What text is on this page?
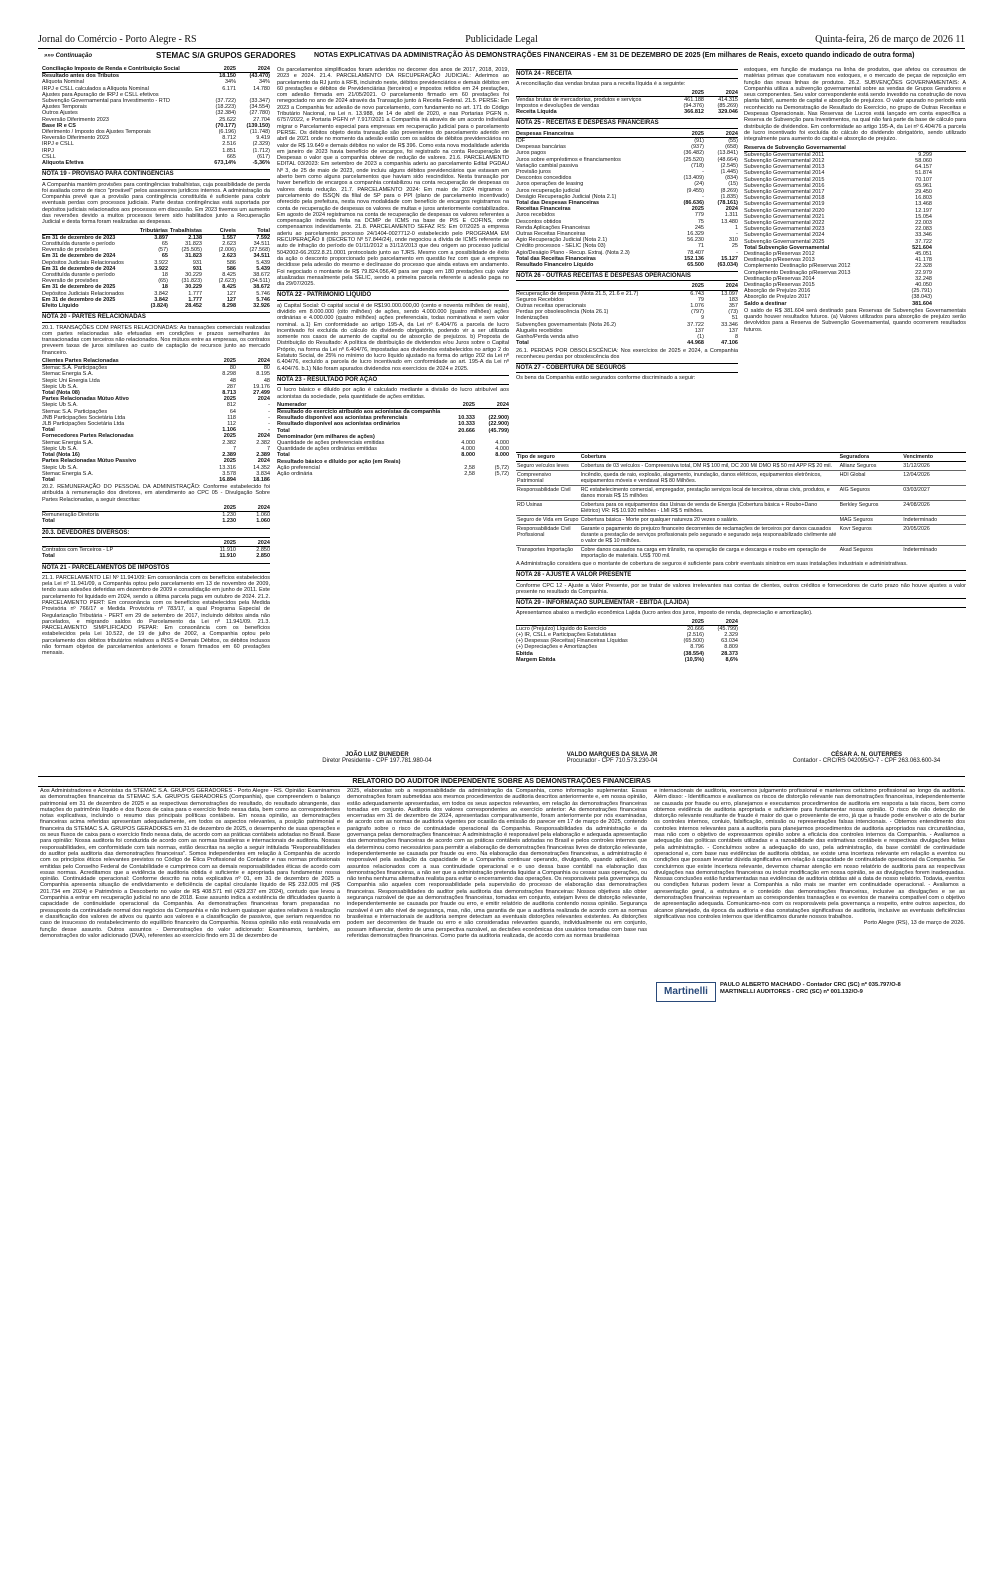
Jornal do Comércio - Porto Alegre - RS	Publicidade Legal	Quinta-feira, 26 de março de 2026 11
»»» Continuação	STEMAC S/A GRUPOS GERADORES	NOTAS EXPLICATIVAS DA ADMINISTRAÇÃO ÀS DEMONSTRAÇÕES FINANCEIRAS - EM 31 DE DEZEMBRO DE 2025 (Em milhares de Reais, exceto quando indicado de outra forma)
Conciliação Imposto de Renda e Contribuição Social	2025	2024
Resultado antes dos Tributos	18.150	(43.470)
Alíquota Nominal	34%	34%
IRPJ e CSLL calculados a Alíquota Nominal	6.171	14.780
Ajustes para Apuração de IRPJ e CSLL efetivos		
Subvenção Governamental para Investimento - RTD	(37.722)	(33.347)
Ajustes Temporais	(18.223)	(34.554)
Outros Ajustes	(32.384)	(27.780)
Reversão Diferimento 2023	25.622	27.704
Base IR e CS	(70.177)	(139.150)
Diferimento / Imposto dos Ajustes Temporais	(6.196)	(11.748)
Reversão Diferimento 2023	8.712	9.419
IRPJ e CSLL	2.516	(2.329)
IRPJ	1.851	(1.712)
CSLL	665	(617)
Alíquota Efetiva	673,14%	-5,36%
NOTA 19 - PROVISÃO PARA CONTINGÊNCIAS
A Companhia mantém provisões para contingências trabalhistas, cuja possibilidade de perda foi avaliada como de risco "provável" pelos assessores jurídicos internos. A administração da Companhia prevê que a provisão para contingência constituída é suficiente para cobrir eventuais perdas com processos judiciais. Parte destas contingências está suportada por depósitos judiciais relacionados aos processos em discussão. Em 2023 tivemos um aumento das reversões devido a muitos processos terem sido habilitados junto a Recuperação Judicial e desta forma foram realizadas as despesas.
	Tributárias	Trabalhistas	Cíveis	Total
Em 31 de dezembro de 2023	3.897	2.138	1.557	7.592
Constituída durante o período	65	31.823	2.623	34.511
Reversão de provisões	(57)	(25.505)	(2.006)	(27.568)
Em 31 de dezembro de 2024	65	31.823	2.623	34.511
Depósitos Judiciais Relacionados	3.922	931	586	5.439
Em 31 de dezembro de 2024	3.922	931	586	5.439
Constituída durante o período	18	30.229	8.425	38.672
Reversão de provisões	(65)	(31.823)	(2.623)	(34.511)
Em 31 de dezembro de 2025	18	30.229	8.425	38.672
Depósitos Judiciais Relacionados	3.842	1.777	127	5.746
Em 31 de dezembro de 2025	3.842	1.777	127	5.746
Efeito Líquido	(3.824)	28.452	8.298	32.926
NOTA 20 - PARTES RELACIONADAS
20.1. TRANSAÇÕES COM PARTES RELACIONADAS: As transações comerciais realizadas com partes relacionadas são efetuadas em condições e prazos semelhantes às transacionadas com terceiros não relacionados. Nos mútuos entre as empresas, os contratos preveem taxas de juros similares ao custo de captação de recursos junto ao mercado financeiro.
Clientes Partes Relacionadas	2025	2024
Stemac S.A. Participações	80	80
Stemac Energia S.A.	8.298	8.195
Stepic Uni Energia Ltda	48	48
Stepic Ub S.A.	287	19.176
Total (Nota 08)	8.713	27.499
Partes Relacionadas Mútuo Ativo	2025	2024
Stepic Ub S.A.	812	-
Stemac S.A. Participações	64	-
JNB Participações Societária Ltda	118	-
JLB Participações Societária Ltda	112	-
Total	1.106	-
Fornecedores Partes Relacionadas	2025	2024
Stemac Energia S.A.	2.382	2.382
Stepic Ub S.A.	7	7
Total (Nota 16)	2.389	2.389
Partes Relacionadas Mútuo Passivo	2025	2024
Stepic Ub S.A.	13.316	14.352
Stemac Energia S.A.	3.578	3.834
Total	16.894	18.186
20.2. REMUNERAÇÃO DO PESSOAL DA ADMINISTRAÇÃO: Conforme estabelecido foi atribuída à remuneração dos diretores, em atendimento ao CPC 05 - Divulgação Sobre Partes Relacionadas, a seguir descritas:
	2025	2024
Remuneração Diretoria	1.230	1.060
Total	1.230	1.060
20.3. DEVEDORES DIVERSOS:
	2025	2024
Contratos com Terceiros - LP	11.910	2.850
Total	11.910	2.850
NOTA 21 - PARCELAMENTOS DE IMPOSTOS
21.1. PARCELAMENTO LEI Nº 11.941/09: Em consonância com os benefícios estabelecidos pela Lei nº 11.941/09, a Companhia optou pelo parcelamento em 13 de novembro de 2009, tendo suas adesões deferidas em dezembro de 2009 e consolidação em junho de 2011. Este parcelamento foi liquidado em 2024, sendo a última parcela paga em outubro de 2024. 21.2. PARCELAMENTO PERT: Em consonância com os benefícios estabelecidos pela Medida Provisória nº 766/17 e Medida Provisória nº 783/17, a qual Programa Especial de Regularização Tributária - PERT em 29 de setembro de 2017, incluindo débitos ainda não parcelados, e migrando saldos do Parcelamento da Lei nº 11.941/09. 21.3. PARCELAMENTO SIMPLIFICADO PEPAR: Em consonância com os benefícios estabelecidos pela Lei 10.522, de 19 de julho de 2002, a Companhia optou pelo parcelamento dos débitos tributários relativos a INSS e Demais Débitos, os débitos inclusos não formam objetos de parcelamentos anteriores e foram firmados em 60 prestações mensais.
Os parcelamentos simplificados foram aderidos no decorrer dos anos de 2017, 2018, 2019, 2023 e 2024. 21.4. PARCELAMENTO DA RECUPERAÇÃO JUDICIAL: Aderimos ao parcelamento da RJ junto à RFB, incluindo neste, débitos previdenciários e demais débitos em 60 prestações e débitos de Previdenciárias (terceiros) e impostos retidos em 24 prestações, com adesão firmada em 21/05/2021. O parcelamento firmado em 60 prestações foi renegociado no ano de 2024 através da Transação junto à Receita Federal. 21.5. PERSE: Em 2023 a Companhia fez adesão de novo parcelamento, com fundamento no art. 171 do Código Tributário Nacional, na Lei n. 13.988, de 14 de abril de 2020, e nas Portarias PGFN n. 6757/2022, e Portaria PGFN nº 7.917/2021 a Companhia irá através de um acordo individual migrar o Parcelamento especial para empresas em recuperação judicial para o parcelamento PERSE. Os débitos objeto desta transação são provenientes do parcelamento aderido em abril de 2021 onde no momento da adesão estão com os saldos de débitos previdenciários no valor de R$ 19.649 e demais débitos no valor de R$ 396. Como esta nova modalidade aderida em janeiro de 2023 havia benefício de encargos, foi registrado na conta Recuperação de Despesas o valor que a companhia obteve de redução de valores. 21.6. PARCELAMENTO EDITAL 03/2023: Em setembro de 2023 a companhia aderiu ao parcelamento Edital PGDAU Nº 3, de 25 de maio de 2023, onde incluiu alguns débitos previdenciários que estavam em aberto bem como alguns parcelamentos que haviam sido rescindidos. Nesta transação por haver benefício de encargos a companhia contabilizou na conta recuperação de despesas os valores desta redução. 21.7. PARCELAMENTO 2024: Em maio de 2024 migramos o parcelamento do ISSQN da filial de SP para o PPI (plano de parcelamento incentivado) oferecido pela prefeitura, nesta nova modalidade com benefício de encargos registramos na conta de recuperação de despesas os valores de multas e juros anteriormente contabilizados. Em agosto de 2024 registramos na conta de recuperação de despesas os valores referentes a compensação indevida feita na DCMP de ICMS na base de PIS E COFINS, onde compensamos indevidamente. 21.8. PARCELAMENTO SEFAZ RS: Em 07/2025 a empresa aderiu ao parcelamento processo 24/1404-0027712-0 estabelecido pelo PROGRAMA EM RECUPERAÇÃO II (DECRETO Nº 57.844/24), onde negociou a dívida de ICMS referente ao auto de infração do período de 01/11/2012 a 31/12/2013 que deu origem ao processo judicial 5042002-66.2022.8.21.0001 protocolado junto ao TJRS. Mesmo com a possibilidade de êxito da ação o desconto proporcionado pelo parcelamento em questão fez com que a empresa decidisse pela adesão do mesmo e declinasse do processo que ainda estava em andamento. Foi negociado o montante de R$ 79.824.056,40 para ser pago em 180 prestações cujo valor atualizadas mensalmente pela SELIC, sendo a primeira parcela referente a adesão paga no dia 29/07/2025.
NOTA 22 - PATRIMÔNIO LÍQUIDO
a) Capital Social: O capital social é de R$190.000.000,00 (cento e noventa milhões de reais), dividido em 8.000.000 (oito milhões) de ações, sendo 4.000.000 (quatro milhões) ações ordinárias e 4.000.000 (quatro milhões) ações preferenciais, todas nominativas e sem valor nominal. a.1) Em conformidade ao artigo 195-A, da Lei nº 6.404/76 a parcela de lucro incentivado foi excluída do cálculo do dividendo obrigatório, podendo vir a ser utilizada somente nos casos de aumento de capital ou de absorção de prejuízos. b) Proposta de Distribuição do Resultado: A política de distribuição de dividendos e/ou Juros sobre o Capital Próprio, na forma da Lei nº 6.404/76, impostadas aos dividendos estabelecidos no artigo 2 do Estatuto Social, de 25% no mínimo do lucro líquido ajustado na forma do artigo 202 da Lei nº 6.404/76, excluído a parcela de lucro incentivado em conformidade ao art. 195-A da Lei nº 6.404/76. b.1) Não foram apurados dividendos nos exercícios de 2024 e 2025.
NOTA 23 - RESULTADO POR AÇÃO
O lucro básico e diluído por ação é calculado mediante a divisão do lucro atribuível aos acionistas da sociedade, pela quantidade de ações emitidas.
Numerador	2025	2024
Resultado do exercício atribuído aos acionistas da companhia		
Resultado disponível aos acionistas preferenciais	10.333	(22.900)
Resultado disponível aos acionistas ordinários	10.333	(22.900)
Total	20.666	(45.799)
Denominador (em milhares de ações)		
Quantidade de ações preferenciais emitidas	4.000	4.000
Quantidade de ações ordinárias emitidas	4.000	4.000
Total	8.000	8.000
Resultado básico e diluído por ação (em Reais)		
Ação preferencial	2,58	(5,72)
Ação ordinária	2,58	(5,72)
NOTA 24 - RECEITA
A reconciliação das vendas brutas para a receita líquida é a seguinte:
	2025	2024
Vendas brutas de mercadorias, produtos e serviços	461.188	414.315
Impostos e devoluções de vendas	(94.376)	(85.269)
Receita Líquida	366.812	329.046
NOTA 25 - RECEITAS E DESPESAS FINANCEIRAS
Despesas Financeiras	2025	2024
IOF	(91)	(55)
Despesas bancárias	(937)	(658)
Juros pagos	(36.482)	(13.841)
Juros sobre empréstimos e financiamentos	(25.520)	(48.664)
Variação cambial passiva	(718)	(2.545)
Provisão juros	-	(1.445)
Descontos concedidos	(13.409)	(834)
Juros operações de leasing	(24)	(15)
Juros recuperação judicial	(9.455)	(8.269)
Deságio Recuperação Judicial (Nota 2.1)	-	(1.835)
Total das Despesas Financeiras	(86.636)	(78.161)
Receitas Financeiras	2025	2024
Juros recebidos	779	1.311
Descontos obtidos	75	13.480
Renda Aplicações Financeiras	245	1
Outras Receitas Financeiras	16.329	-
Ágio Recuperação Judicial (Nota 2.1)	56.230	310
Crédito processos - SELIC (Nota 03)	71	25
Ágio/Deságio Plano - Recup. Extraj. (Nota 2.3)	78.407	-
Total das Receitas Financeiras	152.136	15.127
Resultado Financeiro Líquido	65.500	(63.034)
NOTA 26 - OUTRAS RECEITAS E DESPESAS OPERACIONAIS
	2025	2024
Recuperação de despesa (Nota 21.5, 21.6 e 21.7)	6.743	13.097
Seguros Recebidos	79	183
Outras receitas operacionais	1.076	357
Perdas por obsolescência (Nota 26.1)	(797)	(73)
Indenizações	9	51
Subvenções governamentais (Nota 26.2)	37.722	33.346
Aluguéis recebidos	137	137
Ganho/Perda venda ativo	(1)	8
Total	44.968	47.106
26.1. PERDAS POR OBSOLESCÊNCIA: Nos exercícios de 2025 e 2024, a Companhia reconheceu perdas por obsolescência dos
NOTA 27 - COBERTURA DE SEGUROS
Os bens da Companhia estão segurados conforme discriminado a seguir:
estoques, em função de mudança na linha de produtos, que afetou os consumos de matérias primas que constavam nos estoques, e o mercado de peças de reposição em função das novas linhas de produtos. 26.2. SUBVENÇÕES GOVERNAMENTAIS: A Companhia utiliza a subvenção governamental sobre as vendas de Grupos Geradores e seus componentes. Seu valor correspondente está sendo investido na construção de nova planta fabril, aumento de capital e absorção de prejuízos. O valor apurado no período está reconhecido na Demonstração de Resultado do Exercício, no grupo de Outras Receitas e Despesas Operacionais. Nas Reservas de Lucros está lançado em conta específica a Reserva de Subvenção para Investimentos, na qual não fará parte da base de cálculo para distribuição de dividendos. Em conformidade ao artigo 195-A, da Lei nº 6.404/76 a parcela de lucro incentivado foi excluída do cálculo do dividendo obrigatório, sendo utilizado integralmente para aumento do capital e absorção de prejuízo.
Reserva de Subvenção Governamental		
Subvenção Governamental 2011	9.299	
Subvenção Governamental 2012	58.060	
Subvenção Governamental 2013	64.157	
Subvenção Governamental 2014	51.874	
Subvenção Governamental 2015	70.107	
Subvenção Governamental 2016	65.961	
Subvenção Governamental 2017	29.450	
Subvenção Governamental 2018	16.803	
Subvenção Governamental 2019	13.468	
Subvenção Governamental 2020	12.197	
Subvenção Governamental 2021	15.054	
Subvenção Governamental 2022	22.003	
Subvenção Governamental 2023	22.083	
Subvenção Governamental 2024	33.346	
Subvenção Governamental 2025	37.722	
Total Subvenção Governamental	521.604	
Destinação p/Reservas 2012	45.051	
Destinação p/Reservas 2013	41.178	
Complemento Destinação p/Reservas 2012	22.328	
Complemento Destinação p/Reservas 2013	22.979	
Destinação p/Reservas 2014	32.248	
Destinação p/Reservas 2015	40.050	
Absorção de Prejuízo 2016	(25.791)	
Absorção de Prejuízo 2017	(38.043)	
Saldo a destinar	381.604	
O saldo de R$ 381.604 será destinado para Reservas de Subvenções Governamentais quando houver resultados futuros. (a) Valores utilizados para absorção de prejuízo serão devolvidos para a Reserva de Subvenção Governamental, quando ocorrerem resultados futuros.
Tipo de seguro	Cobertura	Seguradora	Vencimento
Seguro veículos leves	Cobertura de 03 veículos - Compreensiva total, DM R$ 100 mil, DC 200 Mil DMO R$ 50 mil APP R$ 20 mil.	Allianz Seguros	31/12/2026
Compreensivo Patrimonial	Incêndio, queda de raio, explosão, alagamento, inundação, danos elétricos, equipamentos eletrônicos, equipamentos móveis e vendaval R$ 80 Milhões.	HDI Global	12/04/2026
Responsabilidade Civil	RC estabelecimento comercial, empregador, prestação serviços local de terceiros, obras civis, produtos, e danos morais R$ 15 milhões	AIG Seguros	03/03/2027
RD Usinas	Cobertura para os equipamentos das Usinas de venda de Energia (Cobertura básica + Roubo+Dano Elétrico) VR: R$ 10.920 milhões - LMI R$ 5 milhões.	Berkley Seguros	24/08/2026
Seguro de Vida em Grupo	Cobertura básica - Morte por qualquer natureza 20 vezes o salário.	MAG Seguros	Indeterminado
Responsabilidade Civil Profissional	Garante o pagamento do prejuízo financeiro decorrentes de reclamações de terceiros por danos causados durante a prestação de serviços profissionais pelo segurado e segurado seja responsabilizado civilmente até o valor de R$ 10 milhões.	Kovr Seguros	20/05/2026
Transportes Importação	Cobre danos causados na carga em trânsito, na operação de carga e descarga e roubo em operação de importação de materiais. US$ 700 mil.	Akad Seguros	Indeterminado
A Administração considera que o montante de cobertura de seguros é suficiente para cobrir eventuais sinistros em suas instalações industriais e administrativas.
NOTA 28 - AJUSTE A VALOR PRESENTE
Conforme CPC 12 - Ajuste a Valor Presente, por se tratar de valores irrelevantes nas contas de clientes, outros créditos e fornecedores de curto prazo não houve ajustes a valor presente no resultado da Companhia.
NOTA 29 - INFORMAÇÃO SUPLEMENTAR - EBITDA (LAJIDA)
Apresentamos abaixo a medição econômica Lajida (lucro antes dos juros, imposto de renda, depreciação e amortização).
	2025	2024
Lucro (Prejuízo) Líquido do Exercício	20.666	(45.799)
(+) IR, CSLL e Participações Estatutárias	(2.516)	2.329
(+) Despesas (Receitas) Financeiras Líquidas	(65.500)	63.034
(+) Depreciações e Amortizações	8.796	8.809
Ebitda	(38.554)	28.373
Margem Ebitda	(10,5%)	8,6%
JOÃO LUIZ BUNEDER
Diretor Presidente - CPF 197.781.980-04
VALDO MARQUES DA SILVA JR
Procurador - CPF 710.573.230-04
CÉSAR A. N. GUTERRES
Contador - CRC/RS 042095/O-7 - CPF 263.063.600-34
RELATÓRIO DO AUDITOR INDEPENDENTE SOBRE AS DEMONSTRAÇÕES FINANCEIRAS
Aos Administradores e Acionistas da STEMAC S.A. GRUPOS GERADORES - Porto Alegre - RS. Opinião: Examinamos as demonstrações financeiras da STEMAC S.A. GRUPOS GERADORES (Companhia), que compreendem o balanço patrimonial em 31 de dezembro de 2025 e as respectivas demonstrações do resultado, do resultado abrangente, das mutações do patrimônio líquido e dos fluxos de caixa para o exercício findo nessa data, bem como as correspondentes notas explicativas, incluindo o resumo das principais políticas contábeis. Em nossa opinião, as demonstrações financeiras acima referidas apresentam adequadamente, em todos os aspectos relevantes, a posição patrimonial e financeira da STEMAC S.A. GRUPOS GERADORES em 31 de dezembro de 2025, o desempenho de suas operações e os seus fluxos de caixa para o exercício findo nessa data, de acordo com as práticas contábeis adotadas no Brasil. Base para opinião: Nossa auditoria foi conduzida de acordo com as normas brasileiras e internacionais de auditoria. Nossas responsabilidades, em conformidade com tais normas, estão descritas na seção a seguir intitulada "Responsabilidades do auditor pela auditoria das demonstrações financeiras". Somos independentes em relação à Companhia de acordo com os princípios éticos relevantes previstos no Código de Ética Profissional do Contador e nas normas profissionais emitidas pelo Conselho Federal de Contabilidade e cumprimos com as demais responsabilidades éticas de acordo com essas normas. Acreditamos que a evidência de auditoria obtida é suficiente e apropriada para fundamentar nossa opinião. Continuidade operacional: Conforme descrito na nota explicativa nº 01, em 31 de dezembro de 2025 a Companhia apresenta situação de endividamento e deficiência de capital circulante líquido de R$ 232.005 mil (R$ 201.734 em 2024) e Patrimônio a Descoberto no valor de R$ 408.571 mil (429.237 em 2024), contudo que levou a Companhia a entrar em recuperação judicial no ano de 2018. Esse assunto indica a existência de dificuldades quanto à capacidade de continuidade operacional da Companhia. As demonstrações financeiras foram preparadas no pressuposto da continuidade normal dos negócios da Companhia e não incluem quaisquer ajustes relativos à realização e classificação dos valores de ativos ou quanto aos valores e a classificação de passivos, que seriam requeridos no caso de insucesso do restabelecimento do equilíbrio financeiro da Companhia. Nossa opinião não está ressalvada em função desse assunto. Outros assuntos - Demonstrações do valor adicionado: Examinamos, também, as demonstrações do valor adicionado (DVA), referentes ao exercício findo em 31 de dezembro de
2025, elaboradas sob a responsabilidade da administração da Companhia, como informação suplementar. Essas demonstrações foram submetidas aos mesmos procedimentos de auditoria descritos anteriormente e, em nossa opinião, estão adequadamente apresentadas, em todos os seus aspectos relevantes, em relação às demonstrações financeiras tomadas em conjunto. Auditoria dos valores correspondentes ao exercício anterior: As demonstrações financeiras encerradas em 31 de dezembro de 2024, apresentadas comparativamente, foram anteriormente por nós examinadas, de acordo com as normas de auditoria vigentes por ocasião da emissão do parecer em 17 de março de 2025, contendo parágrafo sobre o risco de continuidade operacional da Companhia. Responsabilidades da administração e da governança pelas demonstrações financeiras: A administração é responsável pela elaboração e adequada apresentação das demonstrações financeiras de acordo com as práticas contábeis adotadas no Brasil e pelos controles internos que ela determinou como necessários para permitir a elaboração de demonstrações financeiras livres de distorção relevante, independentemente se causada por fraude ou erro. Na elaboração das demonstrações financeiras, a administração é responsável pela avaliação da capacidade de a Companhia continuar operando, divulgando, quando aplicável, os assuntos relacionados com a sua continuidade operacional e o uso dessa base contábil na elaboração das demonstrações financeiras, a não ser que a administração pretenda liquidar a Companhia ou cessar suas operações, ou não tenha nenhuma alternativa realista para evitar o encerramento das operações. Os responsáveis pela governança da Companhia são aqueles com responsabilidade pela supervisão do processo de elaboração das demonstrações financeiras. Responsabilidades do auditor pela auditoria das demonstrações financeiras: Nossos objetivos são obter segurança razoável de que as demonstrações financeiras, tomadas em conjunto, estejam livres de distorção relevante, independentemente se causada por fraude ou erro, e emitir relatório de auditoria contendo nossa opinião. Segurança razoável é um alto nível de segurança, mas, não, uma garantia de que a auditoria realizada de acordo com as normas brasileiras e internacionais de auditoria sempre detectam as eventuais distorções relevantes existentes. As distorções podem ser decorrentes de fraude ou erro e são consideradas relevantes quando, individualmente ou em conjunto, possam influenciar, dentro de uma perspectiva razoável, as decisões econômicas dos usuários tomadas com base nas referidas demonstrações financeiras. Como parte da auditoria realizada, de acordo com as normas brasileiras
e internacionais de auditoria, exercemos julgamento profissional e mantemos ceticismo profissional ao longo da auditoria. Além disso: - Identificamos e avaliamos os riscos de distorção relevante nas demonstrações financeiras, independentemente se causada por fraude ou erro, planejamos e executamos procedimentos de auditoria em resposta a tais riscos, bem como obtemos evidência de auditoria apropriada e suficiente para fundamentar nossa opinião. O risco de não detecção de distorção relevante resultante de fraude é maior do que o proveniente de erro, já que a fraude pode envolver o ato de burlar os controles internos, conluio, falsificação, omissão ou representações falsas intencionais. - Obtemos entendimento dos controles internos relevantes para a auditoria para planejarmos procedimentos de auditoria apropriados nas circunstâncias, mas não com o objetivo de expressarmos opinião sobre a eficácia dos controles internos da Companhia. - Avaliamos a adequação das políticas contábeis utilizadas e a razoabilidade das estimativas contábeis e respectivas divulgações feitas pela administração. - Concluímos sobre a adequação do uso, pela administração, da base contábil de continuidade operacional e, com base nas evidências de auditoria obtidas, se existe uma incerteza relevante em relação a eventos ou condições que possam levantar dúvida significativa em relação à capacidade de continuidade operacional da Companhia. Se concluirmos que existe incerteza relevante, devemos chamar atenção em nosso relatório de auditoria para as respectivas divulgações nas demonstrações financeiras ou incluir modificação em nossa opinião, se as divulgações forem inadequadas. Nossas conclusões estão fundamentadas nas evidências de auditoria obtidas até a data de nosso relatório. Todavia, eventos ou condições futuras podem levar a Companhia a não mais se manter em continuidade operacional. - Avaliamos a apresentação geral, a estrutura e o conteúdo das demonstrações financeiras, inclusive as divulgações e se as demonstrações financeiras representam as correspondentes transações e os eventos de maneira compatível com o objetivo de apresentação adequada. Comunicamo-nos com os responsáveis pela governança a respeito, entre outros aspectos, do alcance planejado, da época da auditoria e das constatações significativas de auditoria, inclusive as eventuais deficiências significativas nos controles internos que identificamos durante nossos trabalhos.
Porto Alegre (RS), 13 de março de 2026.
Martinelli
PAULO ALBERTO MACHADO - Contador CRC (SC) nº 035.797/O-8
MARTINELLI AUDITORES - CRC (SC) nº 001.132/O-9
